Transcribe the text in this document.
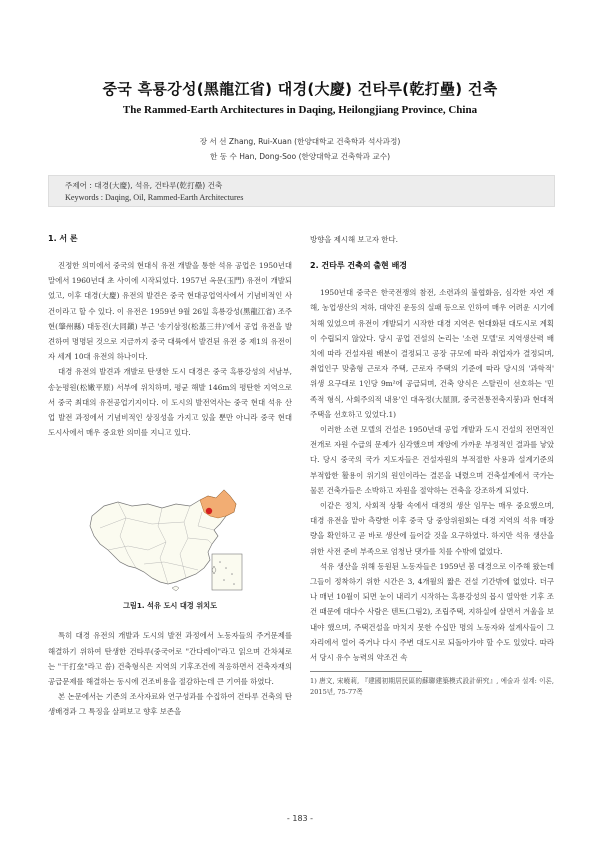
중국 흑룡강성(黑龍江省) 대경(大慶) 건타루(乾打壘) 건축
The Rammed-Earth Architectures in Daqing, Heilongjiang Province, China
장 서 선 Zhang, Rui-Xuan (한양대학교 건축학과 석사과정)
한 동 수 Han, Dong-Soo (한양대학교 건축학과 교수)
주제어 : 대경(大慶), 석유, 건타루(乾打壘) 건축
Keywords : Daqing, Oil, Rammed-Earth Architectures
1. 서 론

진정한 의미에서 중국의 현대식 유전 개발을 통한 석유 공업은 1950년대 말에서 1960년대 초 사이에 시작되었다. 1957년 옥문(玉門) 유전이 개발되었고, 이후 대경(大慶) 유전의 발견은 중국 현대공업역사에서 기념비적인 사건이라고 할 수 있다. 이 유전은 1959년 9월 26일 흑룡강성(黑龍江省) 조주현(肇州縣) 대동진(大同鎭) 부근 '송기삼정(松基三井)'에서 공업 유전을 발견하여 명명된 것으로 지금까지 중국 대륙에서 발견된 유전 중 제1의 유전이자 세계 10대 유전의 하나이다.

대경 유전의 발견과 개발로 탄생한 도시 대경은 중국 흑룡강성의 서남부, 송눈평원(松嫩平原) 서부에 위치하며, 평균 해발 146m의 평탄한 지역으로서 중국 최대의 유전공업기지이다. 이 도시의 발전역사는 중국 현대 석유 산업 발전 과정에서 기념비적인 상징성을 가지고 있을 뿐만 아니라 중국 현대도시사에서 매우 중요한 의미를 지니고 있다.

그림1. 석유 도시 대경 위치도

특히 대경 유전의 개발과 도시의 발전 과정에서 노동자들의 주거문제를 해결하기 위하여 탄생한 건타루(중국어로 "간다레이"라고 읽으며 간차체로는 "干打垒"라고 씀) 건축형식은 지역의 기후조건에 적응하면서 건축자재의 공급문제를 해결하는 동시에 건조비용을 절감하는데 큰 기여를 하였다.

본 논문에서는 기존의 조사자료와 연구성과를 수집하여 건타루 건축의 탄생배경과 그 특징을 살펴보고 향후 보존을

방향을 제시해 보고자 한다.

2. 건타루 건축의 출현 배경

1950년대 중국은 한국전쟁의 참전, 소련과의 불협화음, 심각한 자연 재해, 농업생산의 저하, 대약진 운동의 실패 등으로 인하여 매우 어려운 시기에 처해 있었으며 유전이 개발되기 시작한 대경 지역은 현대화된 대도시로 계획이 수립되지 않았다. 당시 공업 건설의 논리는 '소련 모델'로 지역생산력 배치에 따라 건설자원 배분이 결정되고 공장 규모에 따라 취업자가 결정되며, 취업인구 맞춤형 근로자 주택, 근로자 주택의 기준에 따라 당시의 '과학적' 위생 요구대로 1인당 9m²에 공급되며, 건축 양식은 스탈린이 선호하는 '민족적 형식, 사회주의적 내용'인 대옥정(大屋頂, 중국전통전축지붕)과 현대적 주택을 선호하고 있었다.1)

이러한 소련 모델의 건설은 1950년대 공업 개발과 도시 건설의 전면적인 전개로 자원 수급의 문제가 심각했으며 재앙에 가까운 부정적인 결과를 낳았다. 당시 중국의 국가 지도자들은 건설자원의 부적절한 사용과 설계기준의 부적합한 활용이 위기의 원인이라는 결론을 내렸으며 건축설계에서 국가는 물론 건축가들은 소박하고 자원을 절약하는 건축을 강조하게 되었다.

이같은 정치, 사회적 상황 속에서 대경의 생산 임무는 매우 중요했으며, 대경 유전을 맡아 측량한 이후 중국 당 중앙위원회는 대경 지역의 석유 매장량을 확인하고 곧 바로 생산에 들어갈 것을 요구하였다. 하지만 석유 생산을 위한 사전 준비 부족으로 엄청난 댓가를 치를 수밖에 없었다.

석유 생산을 위해 동원된 노동자들은 1959년 봄 대경으로 이주해 왔는데 그들이 정착하기 위한 시간은 3, 4개월의 짧은 건설 기간밖에 없었다. 더구나 매년 10월이 되면 눈이 내리기 시작하는 흑룡강성의 몹시 열악한 기후 조건 때문에 대다수 사람은 텐트(그림2), 조립주택, 지하실에 살면서 겨울을 보내야 했으며, 주택건설을 마치지 못한 수십만 명의 노동자와 설계사들이 그 자리에서 얼어 죽거나 다시 주변 대도시로 되돌아가야 할 수도 있었다. 따라서 당시 유수 능력의 약조건 속

1) 唐文, 宋曉莉, 『建國初期居民區的蘇聯建築模式設計研究』, 예술과 설계: 이론, 2015년, 75-77쪽

- 183 -
